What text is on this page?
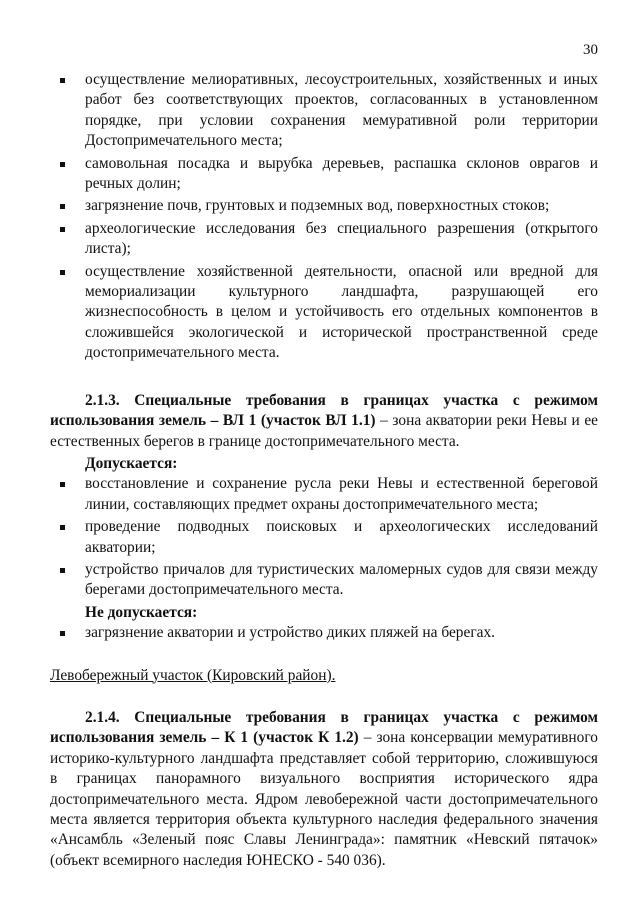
30
осуществление мелиоративных, лесоустроительных, хозяйственных и иных работ без соответствующих проектов, согласованных в установленном порядке, при условии сохранения мемуративной роли территории Достопримечательного места;
самовольная посадка и вырубка деревьев, распашка склонов оврагов и речных долин;
загрязнение почв, грунтовых и подземных вод, поверхностных стоков;
археологические исследования без специального разрешения (открытого листа);
осуществление хозяйственной деятельности, опасной или вредной для мемориализации культурного ландшафта, разрушающей его жизнеспособность в целом и устойчивость его отдельных компонентов в сложившейся экологической и исторической пространственной среде достопримечательного места.

2.1.3. Специальные требования в границах участка с режимом использования земель – ВЛ 1 (участок ВЛ 1.1) – зона акватории реки Невы и ее естественных берегов в границе достопримечательного места.

Допускается:
восстановление и сохранение русла реки Невы и естественной береговой линии, составляющих предмет охраны достопримечательного места;
проведение подводных поисковых и археологических исследований акватории;
устройство причалов для туристических маломерных судов для связи между берегами достопримечательного места.
Не допускается:
загрязнение акватории и устройство диких пляжей на берегах.
Левобережный участок (Кировский район).

2.1.4. Специальные требования в границах участка с режимом использования земель – К 1 (участок К 1.2) – зона консервации мемуративного историко-культурного ландшафта представляет собой территорию, сложившуюся в границах панорамного визуального восприятия исторического ядра достопримечательного места. Ядром левобережной части достопримечательного места является территория объекта культурного наследия федерального значения «Ансамбль «Зеленый пояс Славы Ленинграда»: памятник «Невский пятачок» (объект всемирного наследия ЮНЕСКО - 540 036).
